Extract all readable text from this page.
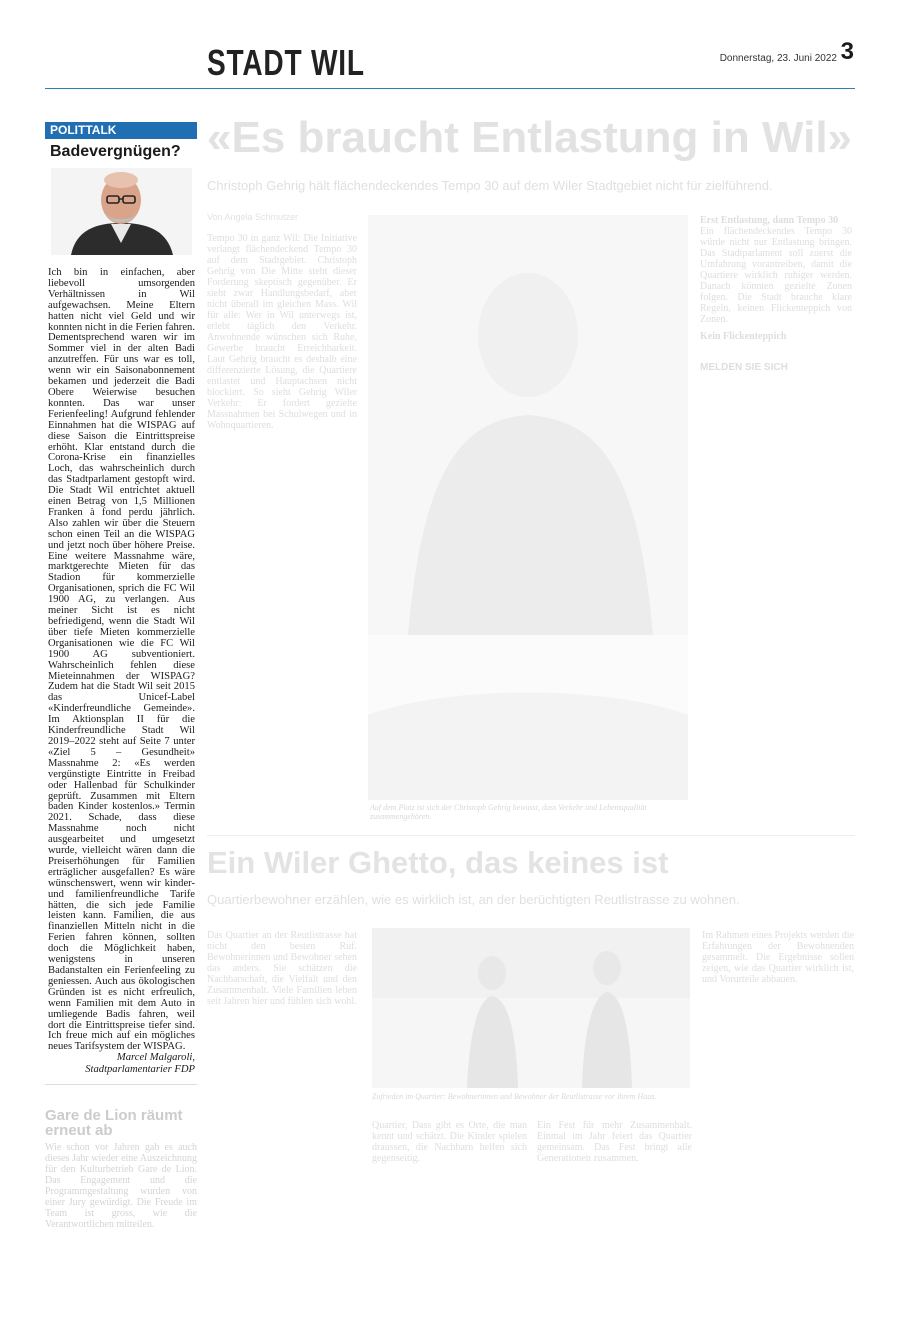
STADT WIL	Donnerstag, 23. Juni 2022 3
POLITTALK
Badevergnügen?
Ich bin in einfachen, aber liebevoll umsorgenden Verhältnissen in Wil aufgewachsen. Meine Eltern hatten nicht viel Geld und wir konnten nicht in die Ferien fahren. Dementsprechend waren wir im Sommer viel in der alten Badi anzutreffen. Für uns war es toll, wenn wir ein Saisonabonnement bekamen und jederzeit die Badi Obere Weierwise besuchen konnten. Das war unser Ferienfeeling! Aufgrund fehlender Einnahmen hat die WISPAG auf diese Saison die Eintrittspreise erhöht. Klar entstand durch die Corona-Krise ein finanzielles Loch, das wahrscheinlich durch das Stadtparlament gestopft wird. Die Stadt Wil entrichtet aktuell einen Betrag von 1,5 Millionen Franken à fond perdu jährlich. Also zahlen wir über die Steuern schon einen Teil an die WISPAG und jetzt noch über höhere Preise. Eine weitere Massnahme wäre, marktgerechte Mieten für das Stadion für kommerzielle Organisationen, sprich die FC Wil 1900 AG, zu verlangen. Aus meiner Sicht ist es nicht befriedigend, wenn die Stadt Wil über tiefe Mieten kommerzielle Organisationen wie die FC Wil 1900 AG subventioniert. Wahrscheinlich fehlen diese Mieteinnahmen der WISPAG? Zudem hat die Stadt Wil seit 2015 das Unicef-Label «Kinderfreundliche Gemeinde». Im Aktionsplan II für die Kinderfreundliche Stadt Wil 2019–2022 steht auf Seite 7 unter «Ziel 5 – Gesundheit» Massnahme 2: «Es werden vergünstigte Eintritte in Freibad oder Hallenbad für Schulkinder geprüft. Zusammen mit Eltern baden Kinder kostenlos.» Termin 2021. Schade, dass diese Massnahme noch nicht ausgearbeitet und umgesetzt wurde, vielleicht wären dann die Preiserhöhungen für Familien erträglicher ausgefallen? Es wäre wünschenswert, wenn wir kinder- und familienfreundliche Tarife hätten, die sich jede Familie leisten kann. Familien, die aus finanziellen Mitteln nicht in die Ferien fahren können, sollten doch die Möglichkeit haben, wenigstens in unseren Badanstalten ein Ferienfeeling zu geniessen. Auch aus ökologischen Gründen ist es nicht erfreulich, wenn Familien mit dem Auto in umliegende Badis fahren, weil dort die Eintrittspreise tiefer sind. Ich freue mich auf ein mögliches neues Tarifsystem der WISPAG.
Marcel Malgaroli,
Stadtparlamentarier FDP
Gare de Lion räumt erneut ab
Wie schon vor Jahren gab es auch dieses Jahr wieder eine Auszeichnung für den Kulturbetrieb Gare de Lion. Das Engagement und die Programmgestaltung wurden von einer Jury gewürdigt. Die Freude im Team ist gross, wie die Verantwortlichen mitteilen.
«Es braucht Entlastung in Wil»
Christoph Gehrig hält flächendeckendes Tempo 30 auf dem Wiler Stadtgebiet nicht für zielführend.
Von Angela Schmutzer
Tempo 30 in ganz Wil: Die Initiative verlangt flächendeckend Tempo 30 auf dem Stadtgebiet. Christoph Gehrig von Die Mitte steht dieser Forderung skeptisch gegenüber. Er sieht zwar Handlungsbedarf, aber nicht überall im gleichen Mass. Wil für alle: Wer in Wil unterwegs ist, erlebt täglich den Verkehr. Anwohnende wünschen sich Ruhe, Gewerbe braucht Erreichbarkeit. Laut Gehrig braucht es deshalb eine differenzierte Lösung, die Quartiere entlastet und Hauptachsen nicht blockiert. So sieht Gehrig Wiler Verkehr: Er fordert gezielte Massnahmen bei Schulwegen und in Wohnquartieren.
Auf dem Platz ist sich der Christoph Gehrig bewusst, dass Verkehr und Lebensqualität zusammengehören.
Erst Entlastung, dann Tempo 30
Ein flächendeckendes Tempo 30 würde nicht nur Entlastung bringen. Das Stadtparlament soll zuerst die Umfahrung vorantreiben, damit die Quartiere wirklich ruhiger werden. Danach könnten gezielte Zonen folgen. Die Stadt brauche klare Regeln, keinen Flickenteppich von Zonen.
Kein Flickenteppich
MELDEN SIE SICH
Ein Wiler Ghetto, das keines ist
Quartierbewohner erzählen, wie es wirklich ist, an der berüchtigten Reutlistrasse zu wohnen.
Das Quartier an der Reutlistrasse hat nicht den besten Ruf. Bewohnerinnen und Bewohner sehen das anders. Sie schätzen die Nachbarschaft, die Vielfalt und den Zusammenhalt. Viele Familien leben seit Jahren hier und fühlen sich wohl.
Zufrieden im Quartier: Bewohnerinnen und Bewohner der Reutlistrasse vor ihrem Haus.
Quartier, Dass gibt es Orte, die man kennt und schätzt. Die Kinder spielen draussen, die Nachbarn helfen sich gegenseitig.
Ein Fest für mehr Zusammenhalt. Einmal im Jahr feiert das Quartier gemeinsam. Das Fest bringt alle Generationen zusammen.
Im Rahmen eines Projekts werden die Erfahrungen der Bewohnenden gesammelt. Die Ergebnisse sollen zeigen, wie das Quartier wirklich ist, und Vorurteile abbauen.
